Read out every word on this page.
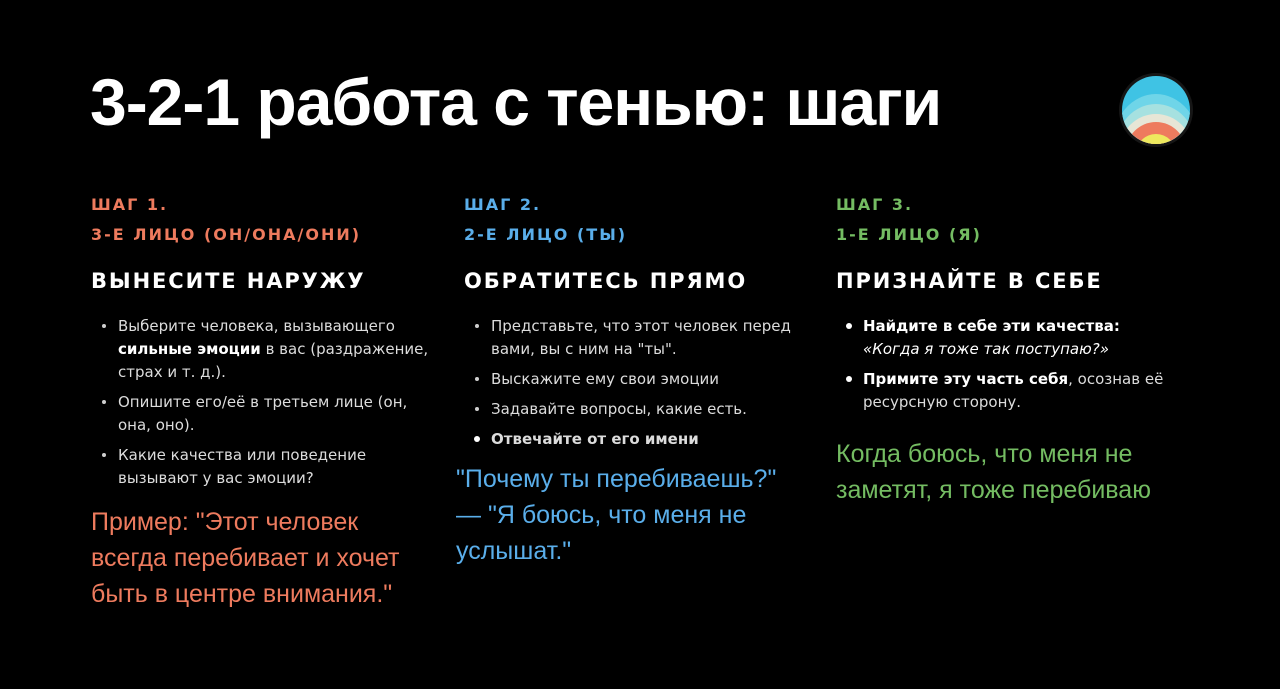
3-2-1 работа с тенью: шаги
ШАГ 1.
3-Е ЛИЦО (ОН/ОНА/ОНИ)
ВЫНЕСИТЕ НАРУЖУ
Выберите человека, вызывающего сильные эмоции в вас (раздражение, страх и т. д.).
Опишите его/её в третьем лице (он, она, оно).
Какие качества или поведение вызывают у вас эмоции?
Пример: "Этот человек всегда перебивает и хочет быть в центре внимания."
ШАГ 2.
2-Е ЛИЦО (ТЫ)
ОБРАТИТЕСЬ ПРЯМО
Представьте, что этот человек перед вами, вы с ним на "ты".
Выскажите ему свои эмоции
Задавайте вопросы, какие есть.
Отвечайте от его имени
"Почему ты перебиваешь?" — "Я боюсь, что меня не услышат."
ШАГ 3.
1-Е ЛИЦО (Я)
ПРИЗНАЙТЕ В СЕБЕ
Найдите в себе эти качества:
«Когда я тоже так поступаю?»
Примите эту часть себя, осознав её ресурсную сторону.
Когда боюсь, что меня не заметят, я тоже перебиваю
